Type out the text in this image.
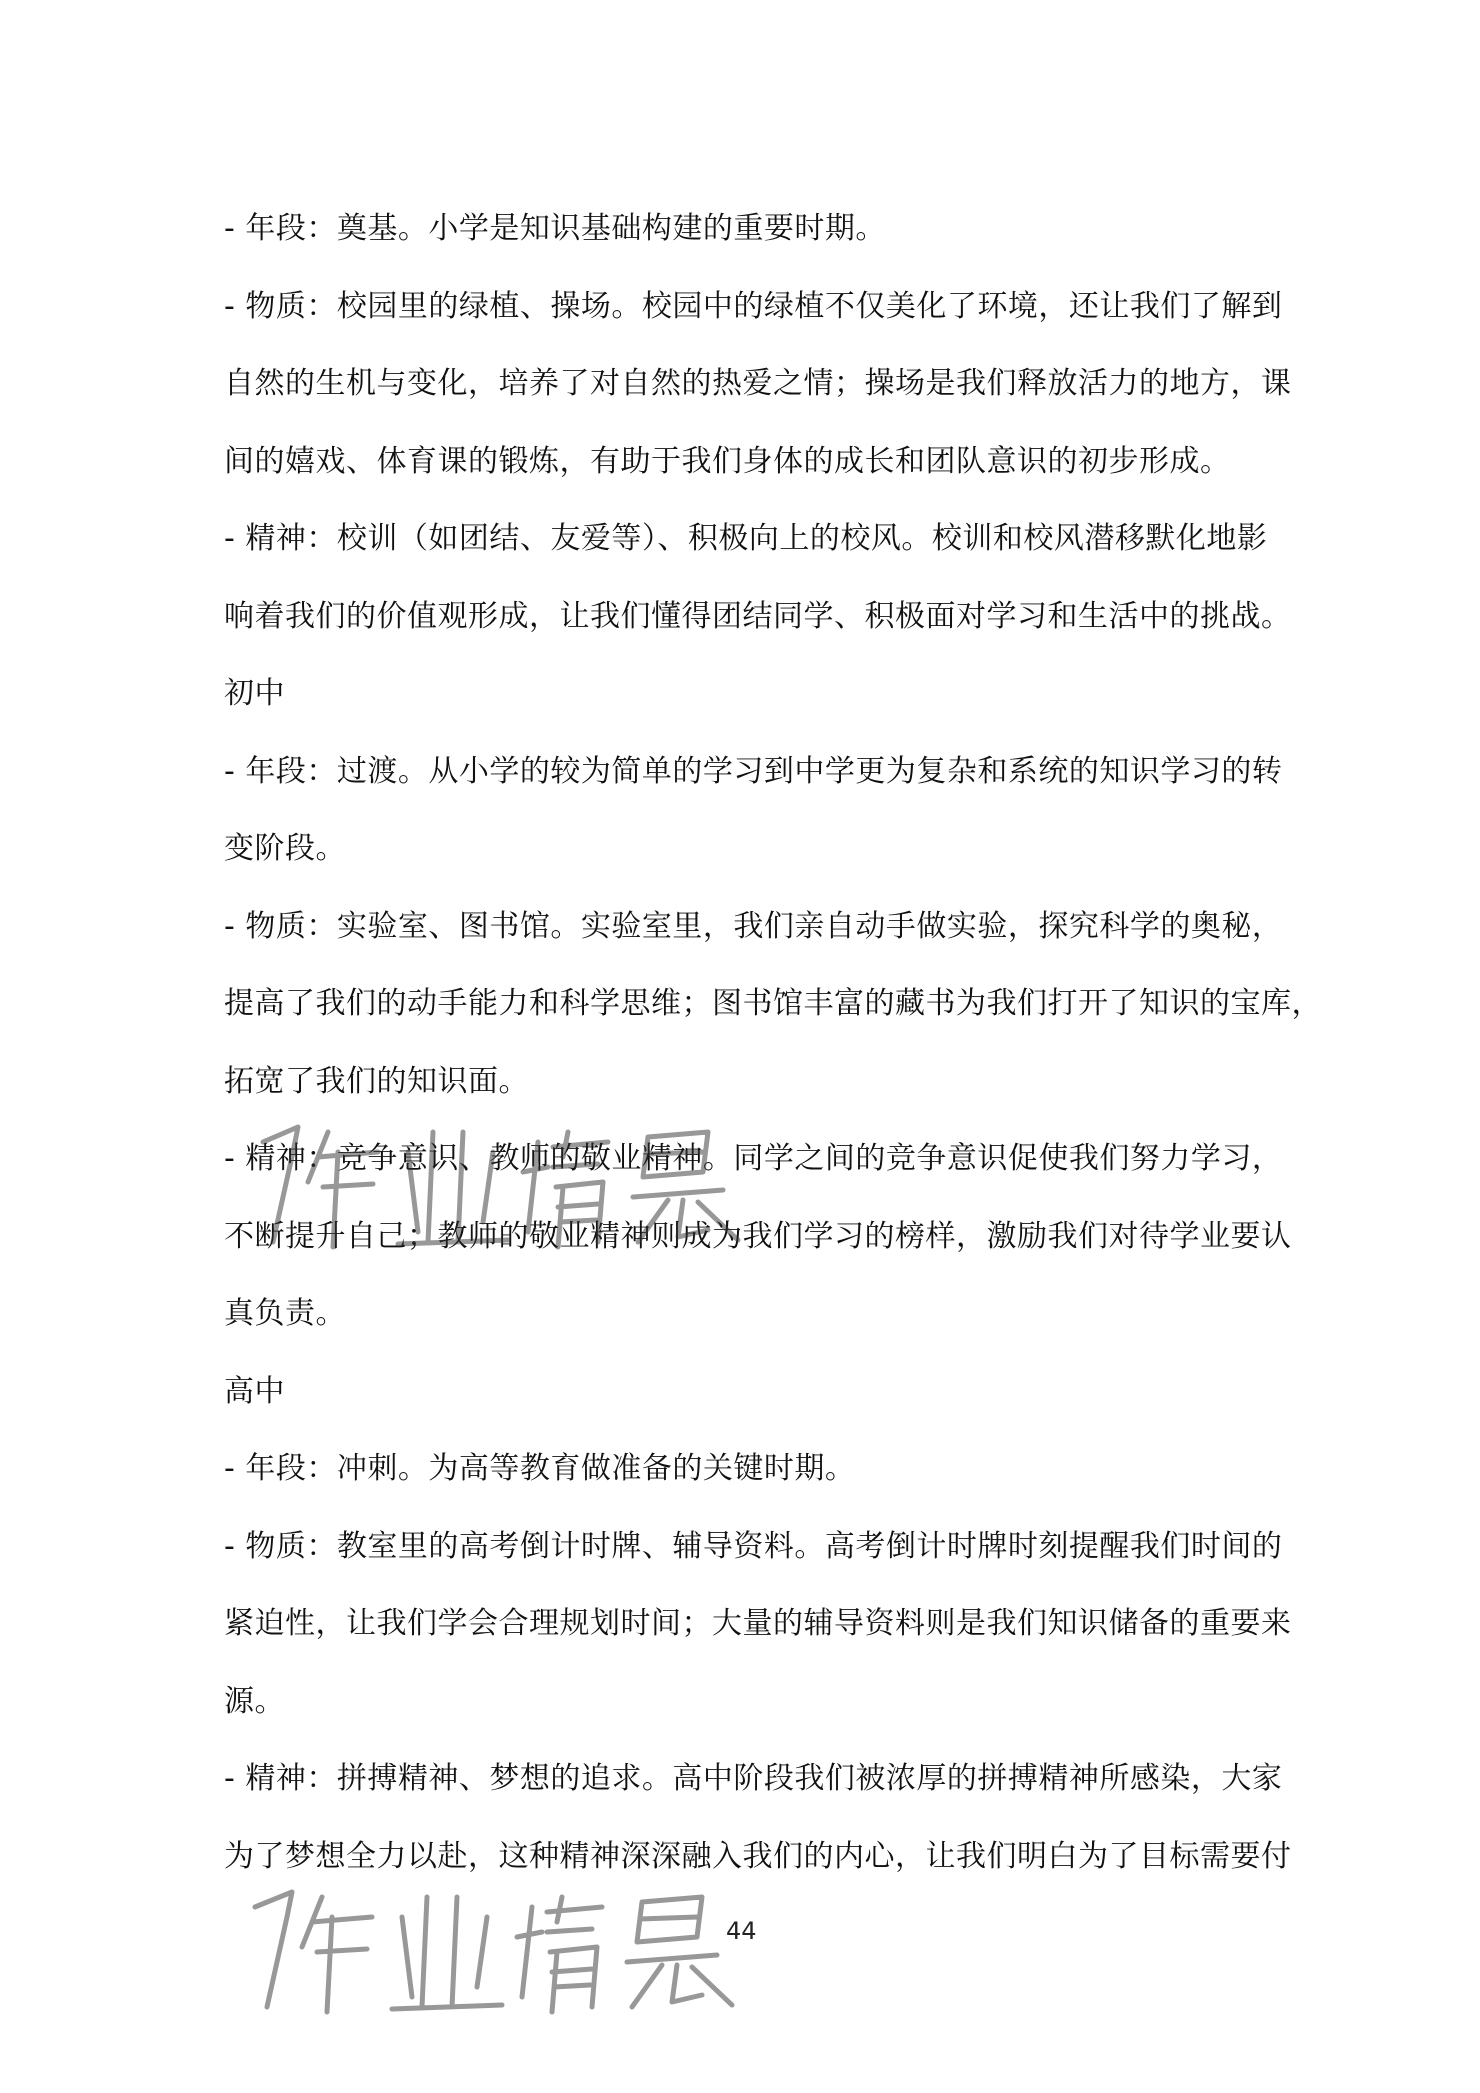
- 年段：奠基。小学是知识基础构建的重要时期。
- 物质：校园里的绿植、操场。校园中的绿植不仅美化了环境，还让我们了解到
自然的生机与变化，培养了对自然的热爱之情；操场是我们释放活力的地方，课
间的嬉戏、体育课的锻炼，有助于我们身体的成长和团队意识的初步形成。
- 精神：校训（如团结、友爱等）、积极向上的校风。校训和校风潜移默化地影
响着我们的价值观形成，让我们懂得团结同学、积极面对学习和生活中的挑战。
初中
- 年段：过渡。从小学的较为简单的学习到中学更为复杂和系统的知识学习的转
变阶段。
- 物质：实验室、图书馆。实验室里，我们亲自动手做实验，探究科学的奥秘，
提高了我们的动手能力和科学思维；图书馆丰富的藏书为我们打开了知识的宝库，
拓宽了我们的知识面。
- 精神：竞争意识、教师的敬业精神。同学之间的竞争意识促使我们努力学习，
不断提升自己；教师的敬业精神则成为我们学习的榜样，激励我们对待学业要认
真负责。
高中
- 年段：冲刺。为高等教育做准备的关键时期。
- 物质：教室里的高考倒计时牌、辅导资料。高考倒计时牌时刻提醒我们时间的
紧迫性，让我们学会合理规划时间；大量的辅导资料则是我们知识储备的重要来
源。
- 精神：拼搏精神、梦想的追求。高中阶段我们被浓厚的拼搏精神所感染，大家
为了梦想全力以赴，这种精神深深融入我们的内心，让我们明白为了目标需要付
44
